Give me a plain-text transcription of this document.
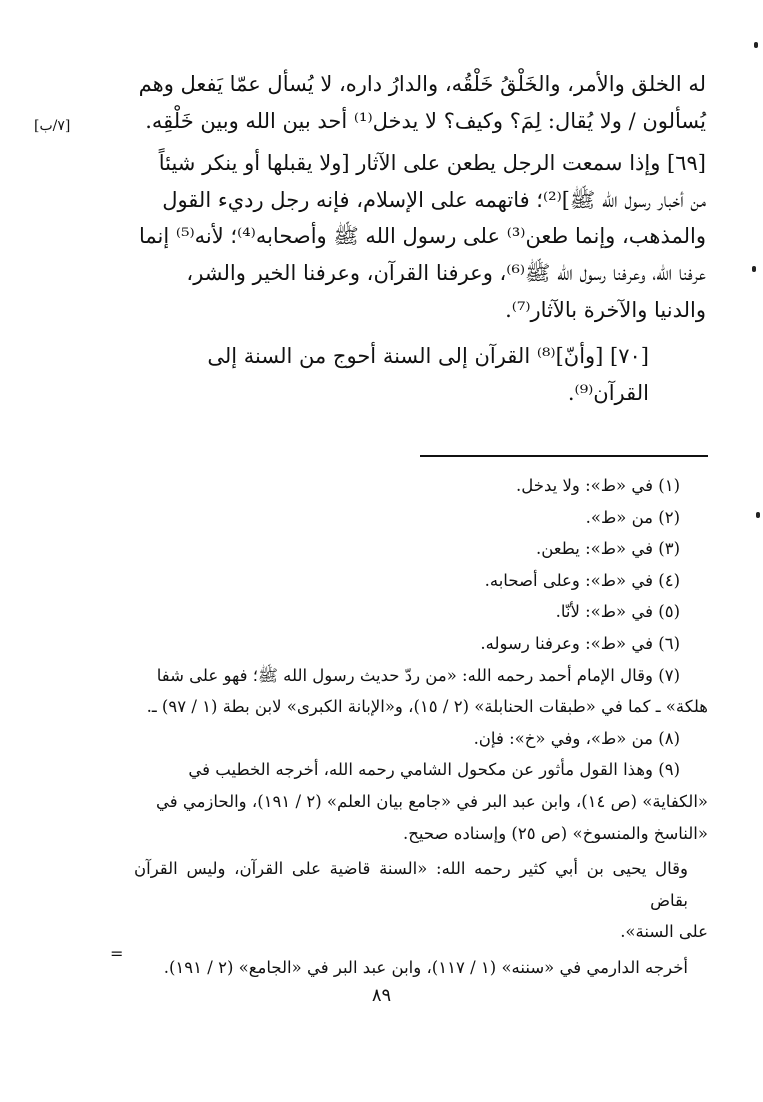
له الخلق والأمر، والخَلْقُ خَلْقُه، والدارُ داره، لا يُسأل عمّا يَفعل وهم

يُسألون / ولا يُقال: لِمَ؟ وكيف؟ لا يدخل⁽¹⁾ أحد بين الله وبين خَلْقِه.

[٦٩] وإذا سمعت الرجل يطعن على الآثار [ولا يقبلها أو ينكر شيئاً

من أخبار رسول الله ﷺ]⁽²⁾؛ فاتهمه على الإسلام، فإنه رجل رديء القول

والمذهب، وإنما طعن⁽³⁾ على رسول الله ﷺ وأصحابه⁽⁴⁾؛ لأنه⁽⁵⁾ إنما

عرفنا الله، وعرفنا رسول الله ﷺ⁽⁶⁾، وعرفنا القرآن، وعرفنا الخير والشر،

والدنيا والآخرة بالآثار⁽⁷⁾.

[٧٠] [وأنّ]⁽⁸⁾ القرآن إلى السنة أحوج من السنة إلى القرآن⁽⁹⁾.

[٧/ب]

(١) في «ط»: ولا يدخل.

(٢) من «ط».

(٣) في «ط»: يطعن.

(٤) في «ط»: وعلى أصحابه.

(٥) في «ط»: لأنّا.

(٦) في «ط»: وعرفنا رسوله.

(٧) وقال الإمام أحمد رحمه الله: «من ردّ حديث رسول الله ﷺ؛ فهو على شفا

هلكة» ـ كما في «طبقات الحنابلة» (٢ / ١٥)، و«الإبانة الكبرى» لابن بطة (١ / ٩٧) ـ.

(٨) من «ط»، وفي «خ»: فإن.

(٩) وهذا القول مأثور عن مكحول الشامي رحمه الله، أخرجه الخطيب في

«الكفاية» (ص ١٤)، وابن عبد البر في «جامع بيان العلم» (٢ / ١٩١)، والحازمي في

«الناسخ والمنسوخ» (ص ٢٥) وإسناده صحيح.

وقال يحيى بن أبي كثير رحمه الله: «السنة قاضية على القرآن، وليس القرآن بقاض

على السنة».

أخرجه الدارمي في «سننه» (١ / ١١٧)، وابن عبد البر في «الجامع» (٢ / ١٩١).

=
٨٩
